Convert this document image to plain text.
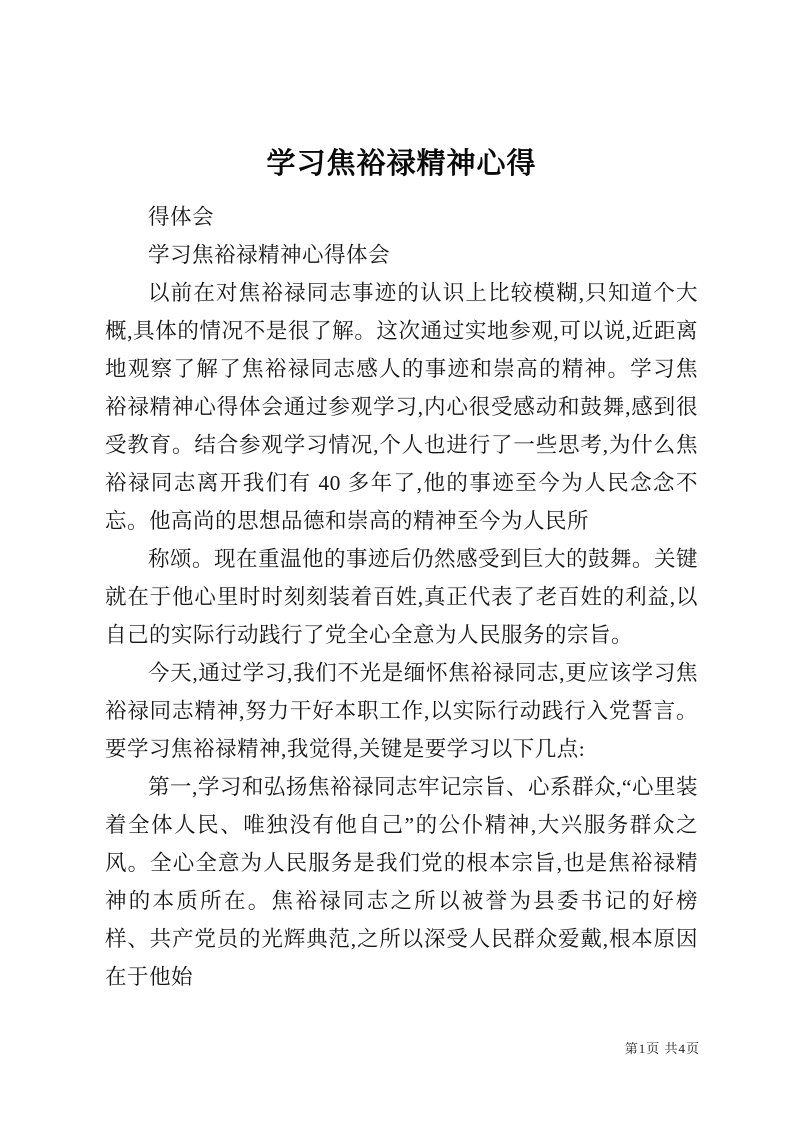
学习焦裕禄精神心得

得体会

学习焦裕禄精神心得体会

以前在对焦裕禄同志事迹的认识上比较模糊,只知道个大概,具体的情况不是很了解。这次通过实地参观,可以说,近距离地观察了解了焦裕禄同志感人的事迹和崇高的精神。学习焦裕禄精神心得体会通过参观学习,内心很受感动和鼓舞,感到很受教育。结合参观学习情况,个人也进行了一些思考,为什么焦裕禄同志离开我们有 40 多年了,他的事迹至今为人民念念不忘。他高尚的思想品德和崇高的精神至今为人民所

称颂。现在重温他的事迹后仍然感受到巨大的鼓舞。关键就在于他心里时时刻刻装着百姓,真正代表了老百姓的利益,以自己的实际行动践行了党全心全意为人民服务的宗旨。

今天,通过学习,我们不光是缅怀焦裕禄同志,更应该学习焦裕禄同志精神,努力干好本职工作,以实际行动践行入党誓言。要学习焦裕禄精神,我觉得,关键是要学习以下几点:

第一,学习和弘扬焦裕禄同志牢记宗旨、心系群众,“心里装着全体人民、唯独没有他自己”的公仆精神,大兴服务群众之风。全心全意为人民服务是我们党的根本宗旨,也是焦裕禄精神的本质所在。焦裕禄同志之所以被誉为县委书记的好榜样、共产党员的光辉典范,之所以深受人民群众爱戴,根本原因在于他始

第1页 共4页
